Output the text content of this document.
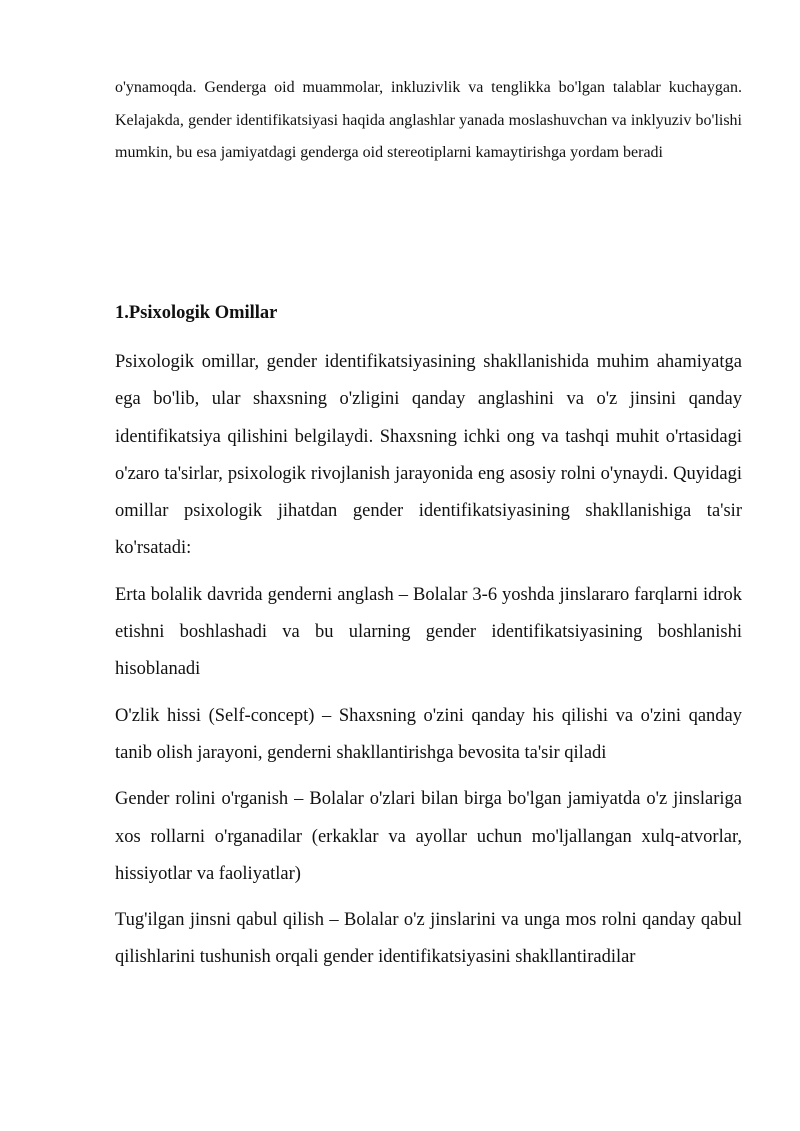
o'ynamoqda. Genderga oid muammolar, inkluzivlik va tenglikka bo'lgan talablar kuchaygan. Kelajakda, gender identifikatsiyasi haqida anglashlar yanada moslashuvchan va inklyuziv bo'lishi mumkin, bu esa jamiyatdagi genderga oid stereotiplarni kamaytirishga yordam beradi

1.Psixologik Omillar

Psixologik omillar, gender identifikatsiyasining shakllanishida muhim ahamiyatga ega bo'lib, ular shaxsning o'zligini qanday anglashini va o'z jinsini qanday identifikatsiya qilishini belgilaydi. Shaxsning ichki ong va tashqi muhit o'rtasidagi o'zaro ta'sirlar, psixologik rivojlanish jarayonida eng asosiy rolni o'ynaydi. Quyidagi omillar psixologik jihatdan gender identifikatsiyasining shakllanishiga ta'sir ko'rsatadi:

Erta bolalik davrida genderni anglash – Bolalar 3-6 yoshda jinslararo farqlarni idrok etishni boshlashadi va bu ularning gender identifikatsiyasining boshlanishi hisoblanadi

O'zlik hissi (Self-concept) – Shaxsning o'zini qanday his qilishi va o'zini qanday tanib olish jarayoni, genderni shakllantirishga bevosita ta'sir qiladi

Gender rolini o'rganish – Bolalar o'zlari bilan birga bo'lgan jamiyatda o'z jinslariga xos rollarni o'rganadilar (erkaklar va ayollar uchun mo'ljallangan xulq-atvorlar, hissiyotlar va faoliyatlar)

Tug'ilgan jinsni qabul qilish – Bolalar o'z jinslarini va unga mos rolni qanday qabul qilishlarini tushunish orqali gender identifikatsiyasini shakllantiradilar
